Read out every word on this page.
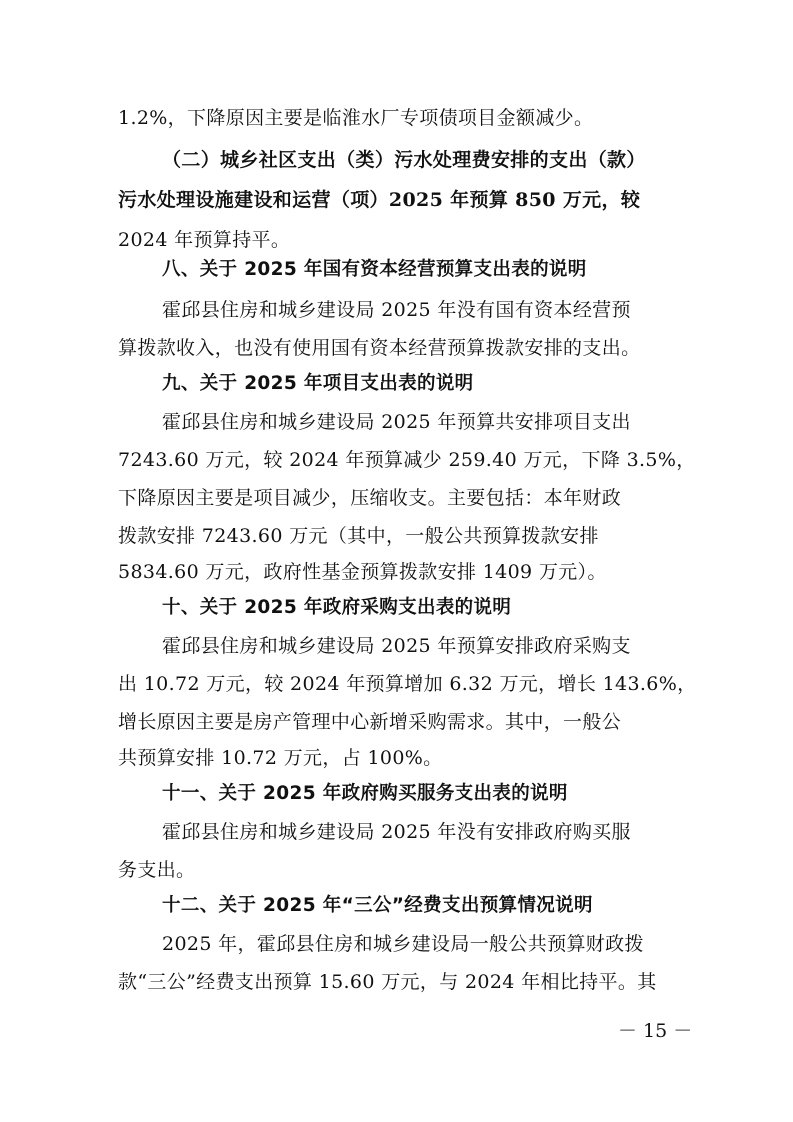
1.2%，下降原因主要是临淮水厂专项债项目金额减少。

（二）城乡社区支出（类）污水处理费安排的支出（款）

污水处理设施建设和运营（项）2025 年预算 850 万元，较

2024 年预算持平。

八、关于 2025 年国有资本经营预算支出表的说明

霍邱县住房和城乡建设局 2025 年没有国有资本经营预

算拨款收入，也没有使用国有资本经营预算拨款安排的支出。

九、关于 2025 年项目支出表的说明

霍邱县住房和城乡建设局 2025 年预算共安排项目支出

7243.60 万元，较 2024 年预算减少 259.40 万元，下降 3.5%，

下降原因主要是项目减少，压缩收支。主要包括：本年财政

拨款安排 7243.60 万元（其中，一般公共预算拨款安排

5834.60 万元，政府性基金预算拨款安排 1409 万元）。

十、关于 2025 年政府采购支出表的说明

霍邱县住房和城乡建设局 2025 年预算安排政府采购支

出 10.72 万元，较 2024 年预算增加 6.32 万元，增长 143.6%，

增长原因主要是房产管理中心新增采购需求。其中，一般公

共预算安排 10.72 万元，占 100%。

十一、关于 2025 年政府购买服务支出表的说明

霍邱县住房和城乡建设局 2025 年没有安排政府购买服

务支出。

十二、关于 2025 年“三公”经费支出预算情况说明

2025 年，霍邱县住房和城乡建设局一般公共预算财政拨

款“三公”经费支出预算 15.60 万元，与 2024 年相比持平。其

－ 15 －
